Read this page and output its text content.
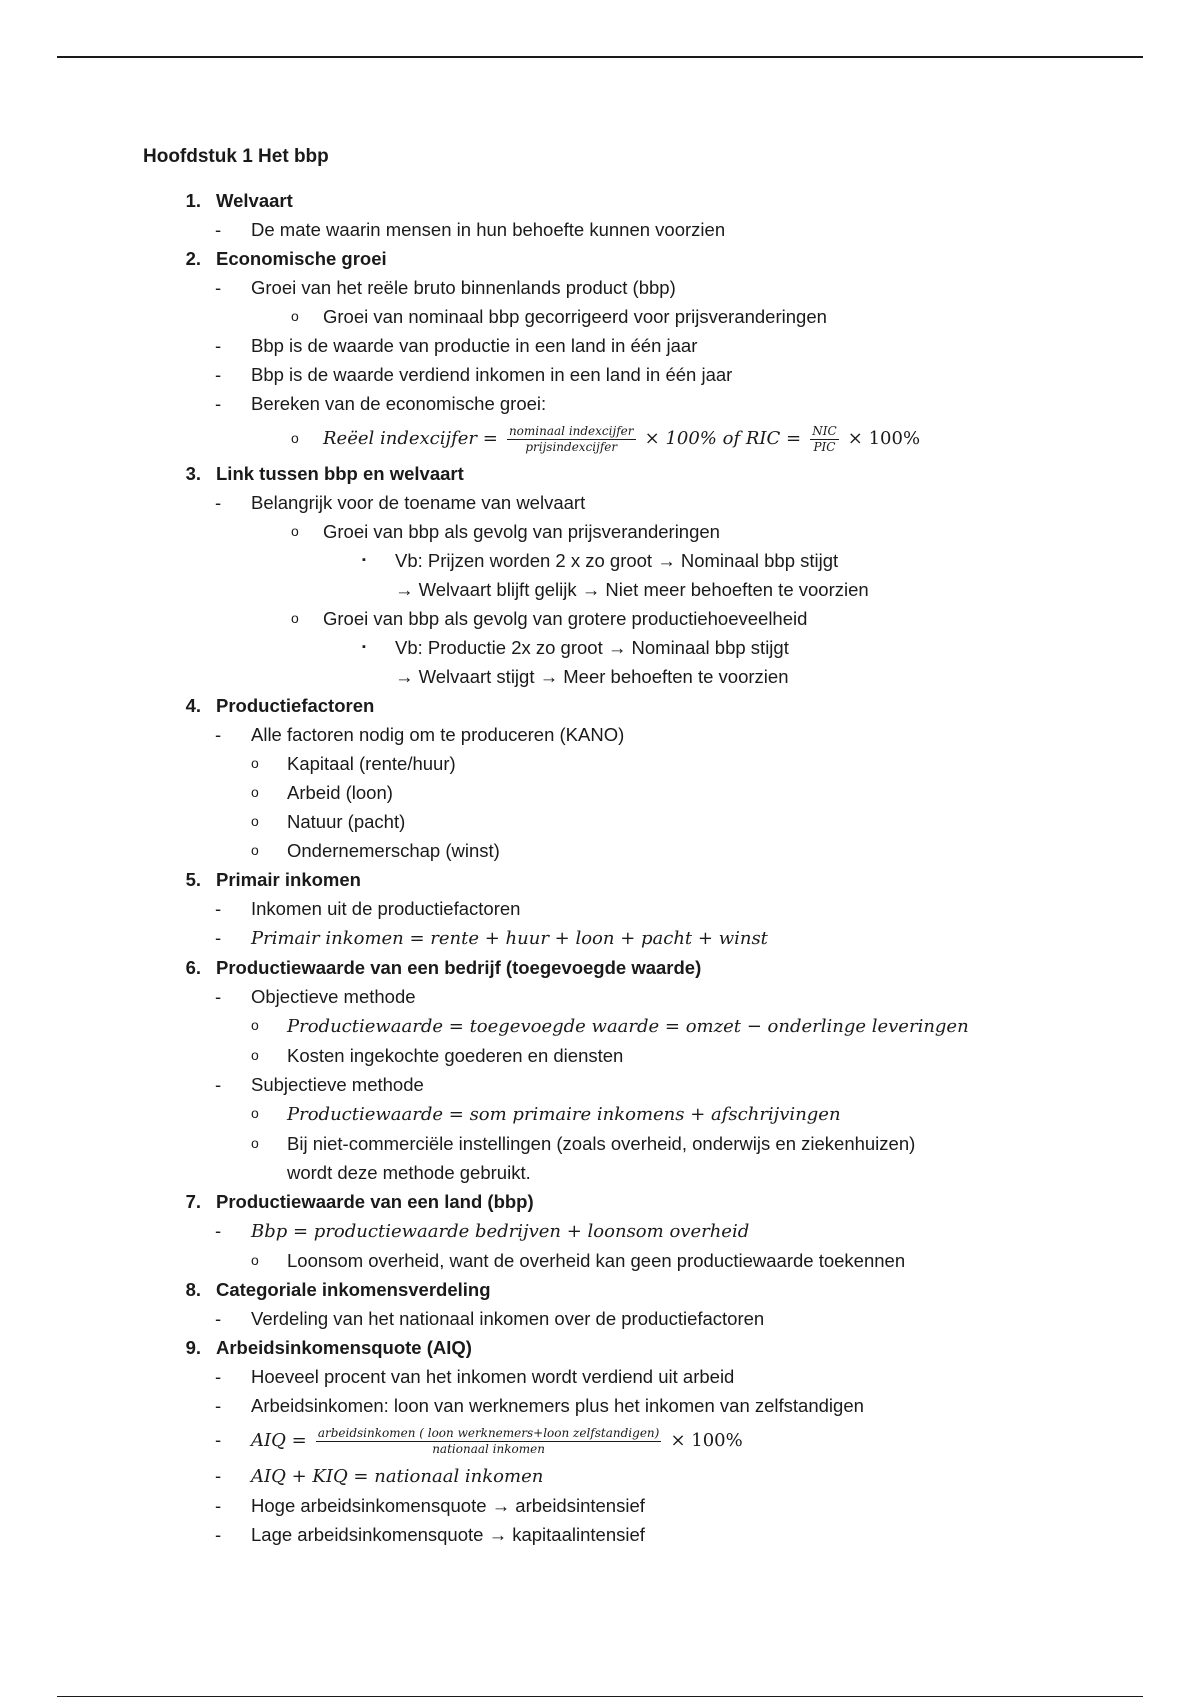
Hoofdstuk 1 Het bbp
1. Welvaart
- De mate waarin mensen in hun behoefte kunnen voorzien
2. Economische groei
- Groei van het reële bruto binnenlands product (bbp)
o Groei van nominaal bbp gecorrigeerd voor prijsveranderingen
- Bbp is de waarde van productie in een land in één jaar
- Bbp is de waarde verdiend inkomen in een land in één jaar
- Bereken van de economische groei:
o Reëel indexcijfer = $\frac{\text{nominaal indexcijfer}}{\text{prijsindexcijfer}} \times 100\%$ of RIC = $\frac{\text{NIC}}{\text{PIC}} \times 100\%$
3. Link tussen bbp en welvaart
- Belangrijk voor de toename van welvaart
o Groei van bbp als gevolg van prijsveranderingen
▪ Vb: Prijzen worden 2 x zo groot → Nominaal bbp stijgt
→ Welvaart blijft gelijk → Niet meer behoeften te voorzien
o Groei van bbp als gevolg van grotere productiehoeveelheid
▪ Vb: Productie 2x zo groot → Nominaal bbp stijgt
→ Welvaart stijgt → Meer behoeften te voorzien
4. Productiefactoren
- Alle factoren nodig om te produceren (KANO)
o Kapitaal (rente/huur)
o Arbeid (loon)
o Natuur (pacht)
o Ondernemerschap (winst)
5. Primair inkomen
- Inkomen uit de productiefactoren
- Primair inkomen = rente + huur + loon + pacht + winst
6. Productiewaarde van een bedrijf (toegevoegde waarde)
- Objectieve methode
o Productiewaarde = toegevoegde waarde = omzet − onderlinge leveringen
o Kosten ingekochte goederen en diensten
- Subjectieve methode
o Productiewaarde = som primaire inkomens + afschrijvingen
o Bij niet-commerciële instellingen (zoals overheid, onderwijs en ziekenhuizen)
wordt deze methode gebruikt.
7. Productiewaarde van een land (bbp)
- Bbp = productiewaarde bedrijven + loonsom overheid
o Loonsom overheid, want de overheid kan geen productiewaarde toekennen
8. Categoriale inkomensverdeling
- Verdeling van het nationaal inkomen over de productiefactoren
9. Arbeidsinkomensquote (AIQ)
- Hoeveel procent van het inkomen wordt verdiend uit arbeid
- Arbeidsinkomen: loon van werknemers plus het inkomen van zelfstandigen
- AIQ = $\frac{\text{arbeidsinkomen ( loon werknemers+loon zelfstandigen)}}{\text{nationaal inkomen}} \times 100\%$
- AIQ + KIQ = nationaal inkomen
- Hoge arbeidsinkomensquote → arbeidsintensief
- Lage arbeidsinkomensquote → kapitaalintensief
